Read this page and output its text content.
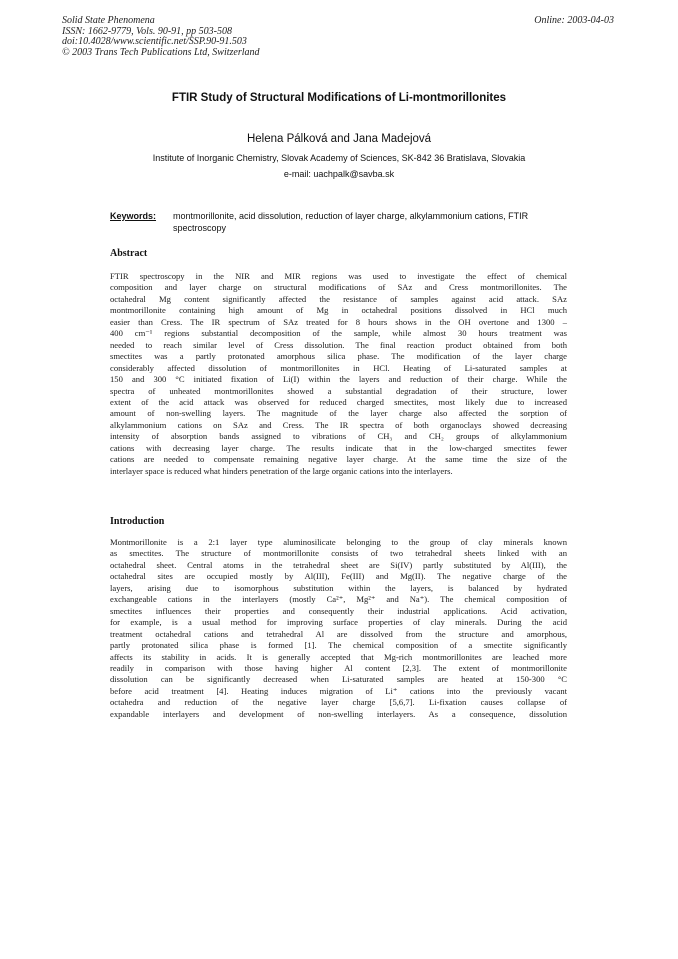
Solid State Phenomena
ISSN: 1662-9779, Vols. 90-91, pp 503-508
doi:10.4028/www.scientific.net/SSP.90-91.503
© 2003 Trans Tech Publications Ltd, Switzerland
Online: 2003-04-03
FTIR Study of Structural Modifications of Li-montmorillonites
Helena Pálková and Jana Madejová
Institute of Inorganic Chemistry, Slovak Academy of Sciences, SK-842 36 Bratislava, Slovakia
e-mail: uachpalk@savba.sk
Keywords:	montmorillonite, acid dissolution, reduction of layer charge, alkylammonium cations, FTIR spectroscopy
Abstract
FTIR spectroscopy in the NIR and MIR regions was used to investigate the effect of chemical
composition and layer charge on structural modifications of SAz and Cress montmorillonites. The
octahedral Mg content significantly affected the resistance of samples against acid attack. SAz
montmorillonite containing high amount of Mg in octahedral positions dissolved in HCl much
easier than Cress. The IR spectrum of SAz treated for 8 hours shows in the OH overtone and 1300 –
400 cm⁻¹ regions substantial decomposition of the sample, while almost 30 hours treatment was
needed to reach similar level of Cress dissolution. The final reaction product obtained from both
smectites was a partly protonated amorphous silica phase. The modification of the layer charge
considerably affected dissolution of montmorillonites in HCl. Heating of Li-saturated samples at
150 and 300 °C initiated fixation of Li(I) within the layers and reduction of their charge. While the
spectra of unheated montmorillonites showed a substantial degradation of their structure, lower
extent of the acid attack was observed for reduced charged smectites, most likely due to increased
amount of non-swelling layers. The magnitude of the layer charge also affected the sorption of
alkylammonium cations on SAz and Cress. The IR spectra of both organoclays showed decreasing
intensity of absorption bands assigned to vibrations of CH₃ and CH₂ groups of alkylammonium
cations with decreasing layer charge. The results indicate that in the low-charged smectites fewer
cations are needed to compensate remaining negative layer charge. At the same time the size of the
interlayer space is reduced what hinders penetration of the large organic cations into the interlayers.
Introduction
Montmorillonite is a 2:1 layer type aluminosilicate belonging to the group of clay minerals known
as smectites. The structure of montmorillonite consists of two tetrahedral sheets linked with an
octahedral sheet. Central atoms in the tetrahedral sheet are Si(IV) partly substituted by Al(III), the
octahedral sites are occupied mostly by Al(III), Fe(III) and Mg(II). The negative charge of the
layers, arising due to isomorphous substitution within the layers, is balanced by hydrated
exchangeable cations in the interlayers (mostly Ca²⁺, Mg²⁺ and Na⁺). The chemical composition of
smectites influences their properties and consequently their industrial applications. Acid activation,
for example, is a usual method for improving surface properties of clay minerals. During the acid
treatment octahedral cations and tetrahedral Al are dissolved from the structure and amorphous,
partly protonated silica phase is formed [1]. The chemical composition of a smectite significantly
affects its stability in acids. It is generally accepted that Mg-rich montmorillonites are leached more
readily in comparison with those having higher Al content [2,3]. The extent of montmorillonite
dissolution can be significantly decreased when Li-saturated samples are heated at 150-300 °C
before acid treatment [4]. Heating induces migration of Li⁺ cations into the previously vacant
octahedra and reduction of the negative layer charge [5,6,7]. Li-fixation causes collapse of
expandable interlayers and development of non-swelling interlayers. As a consequence, dissolution
